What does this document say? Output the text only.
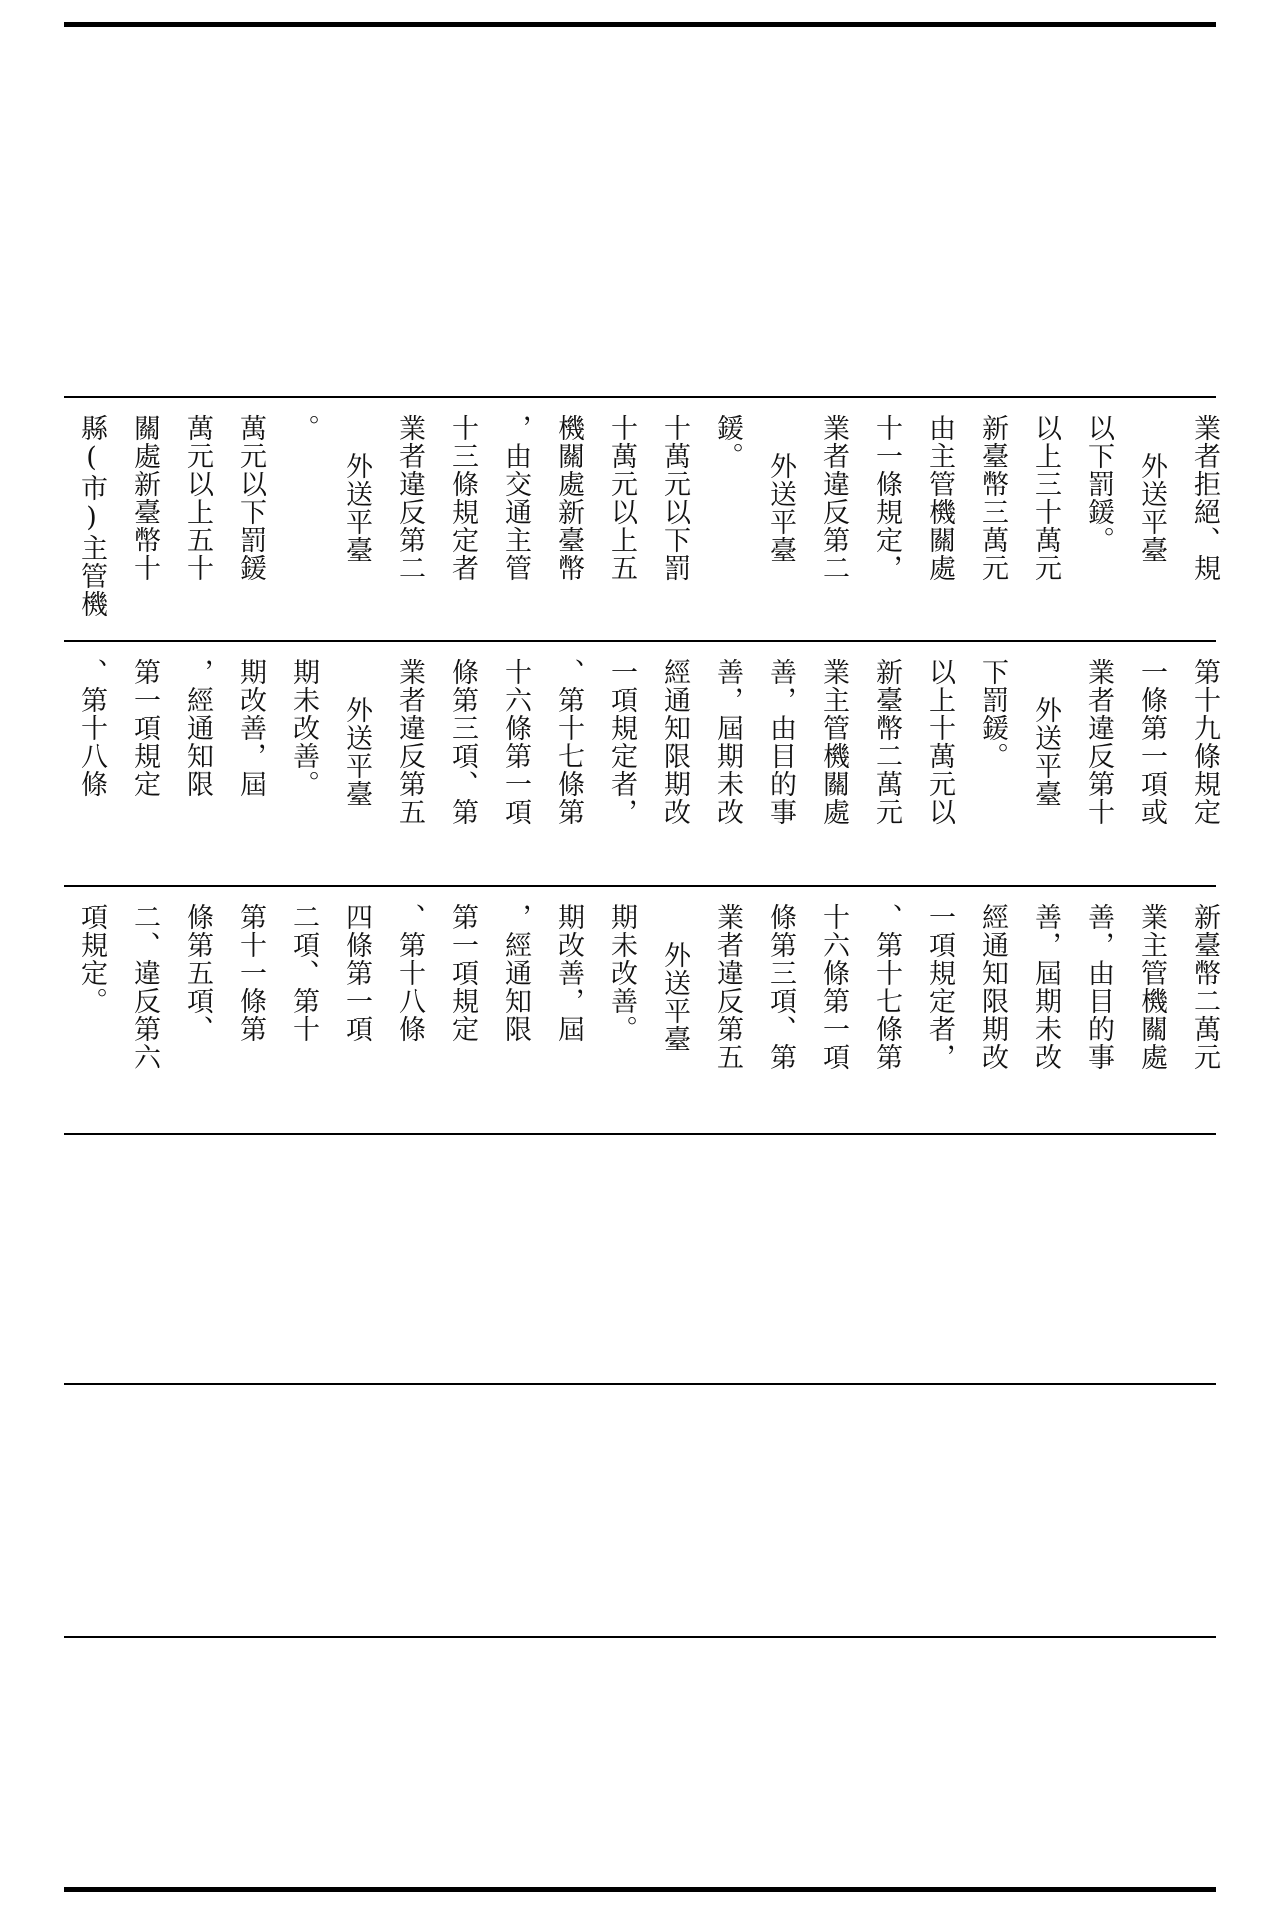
縣(市)主管機 關處新臺幣十 萬元以上五十 萬元以下罰鍰 。
外送平臺 業者違反第二 十三條規定者 ，由交通主管 機關處新臺幣 十萬元以上五 十萬元以下罰 鍰。
外送平臺 業者違反第二 十一條規定， 由主管機關處 新臺幣三萬元 以上三十萬元 以下罰鍰。 外送平臺 業者拒絕、規
、第十八條 第一項規定 ，經通知限 期改善，屆 期未改善。 外送平臺 業者違反第五 條第三項、第 十六條第一項 、第十七條第 一項規定者， 經通知限期改 善，屆期未改 善，由目的事 業主管機關處 新臺幣二萬元 以上十萬元以 下罰鍰。 外送平臺 業者違反第十 一條第一項或 第十九條規定
項規定。 二、違反第六 條第五項、 第十一條第 二項、第十 四條第一項 、第十八條 第一項規定 ，經通知限 期改善，屆 期未改善。 外送平臺 業者違反第五 條第三項、第 十六條第一項 、第十七條第 一項規定者， 經通知限期改 善，屆期未改 善，由目的事 業主管機關處 新臺幣二萬元
